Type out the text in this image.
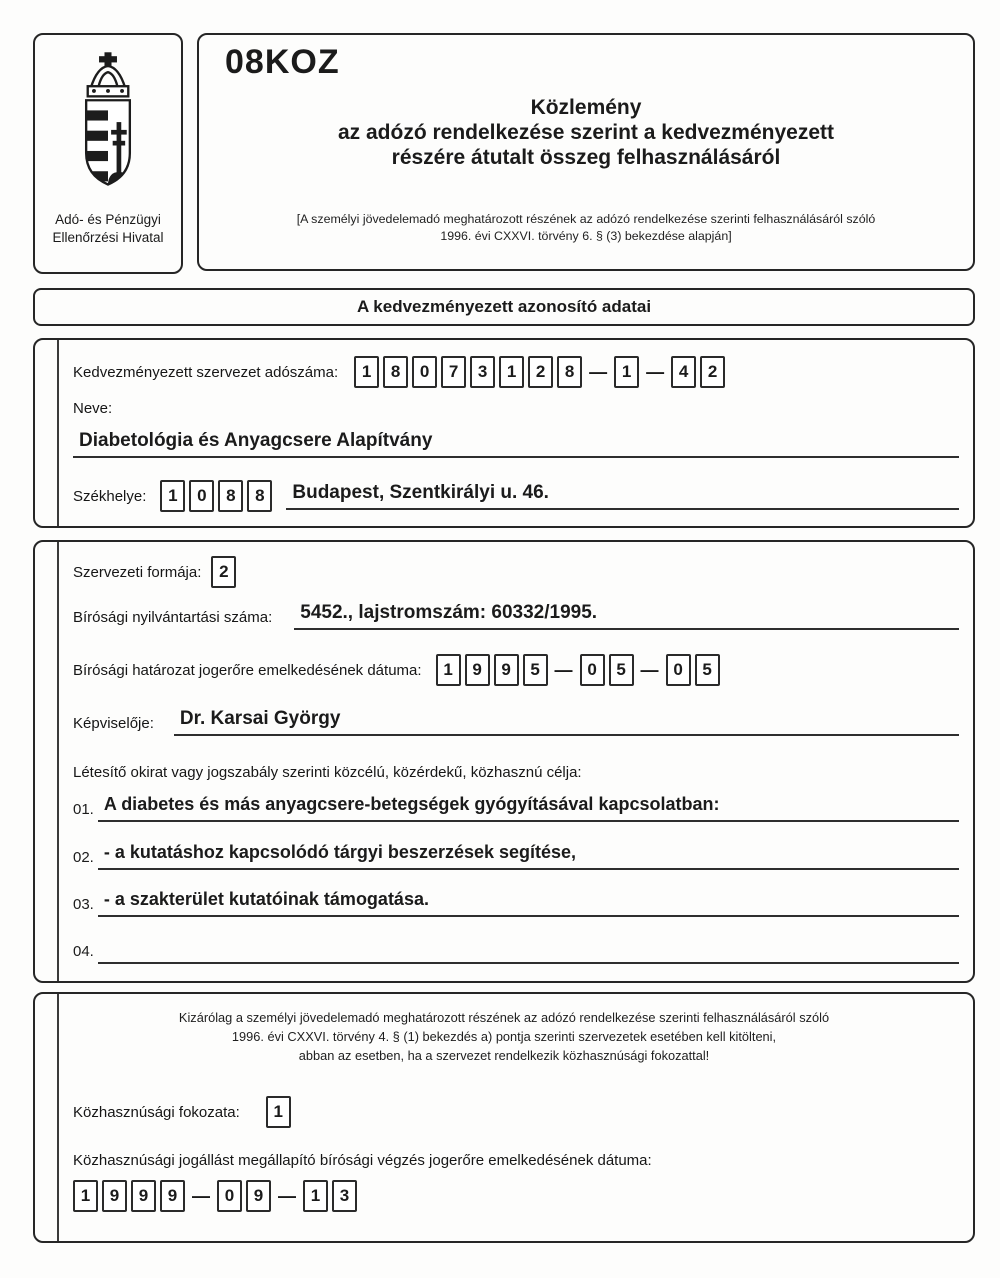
Adó- és Pénzügyi
Ellenőrzési Hivatal
08KOZ
Közlemény
az adózó rendelkezése szerint a kedvezményezett
részére átutalt összeg felhasználásáról
[A személyi jövedelemadó meghatározott részének az adózó rendelkezése szerinti felhasználásáról szóló
1996. évi CXXVI. törvény 6. § (3) bekezdése alapján]
A kedvezményezett azonosító adatai
Kedvezményezett szervezet adószáma:	1	8	0	7	3	1	2	8 — 1 — 4	2
Neve:
Diabetológia és Anyagcsere Alapítvány
Székhelye:	1	0	8	8	Budapest, Szentkirályi u. 46.
Szervezeti formája:	2
Bírósági nyilvántartási száma:	5452., lajstromszám: 60332/1995.
Bírósági határozat jogerőre emelkedésének dátuma:	1	9	9	5 — 0	5 — 0	5
Képviselője:	Dr. Karsai György
Létesítő okirat vagy jogszabály szerinti közcélú, közérdekű, közhasznú célja:
01. A diabetes és más anyagcsere-betegségek gyógyításával kapcsolatban:
02. - a kutatáshoz kapcsolódó tárgyi beszerzések segítése,
03. - a szakterület kutatóinak támogatása.
04.
Kizárólag a személyi jövedelemadó meghatározott részének az adózó rendelkezése szerinti felhasználásáról szóló
1996. évi CXXVI. törvény 4. § (1) bekezdés a) pontja szerinti szervezetek esetében kell kitölteni,
abban az esetben, ha a szervezet rendelkezik közhasznúsági fokozattal!
Közhasznúsági fokozata:	1
Közhasznúsági jogállást megállapító bírósági végzés jogerőre emelkedésének dátuma:
1	9	9	9 — 0	9 — 1	3
